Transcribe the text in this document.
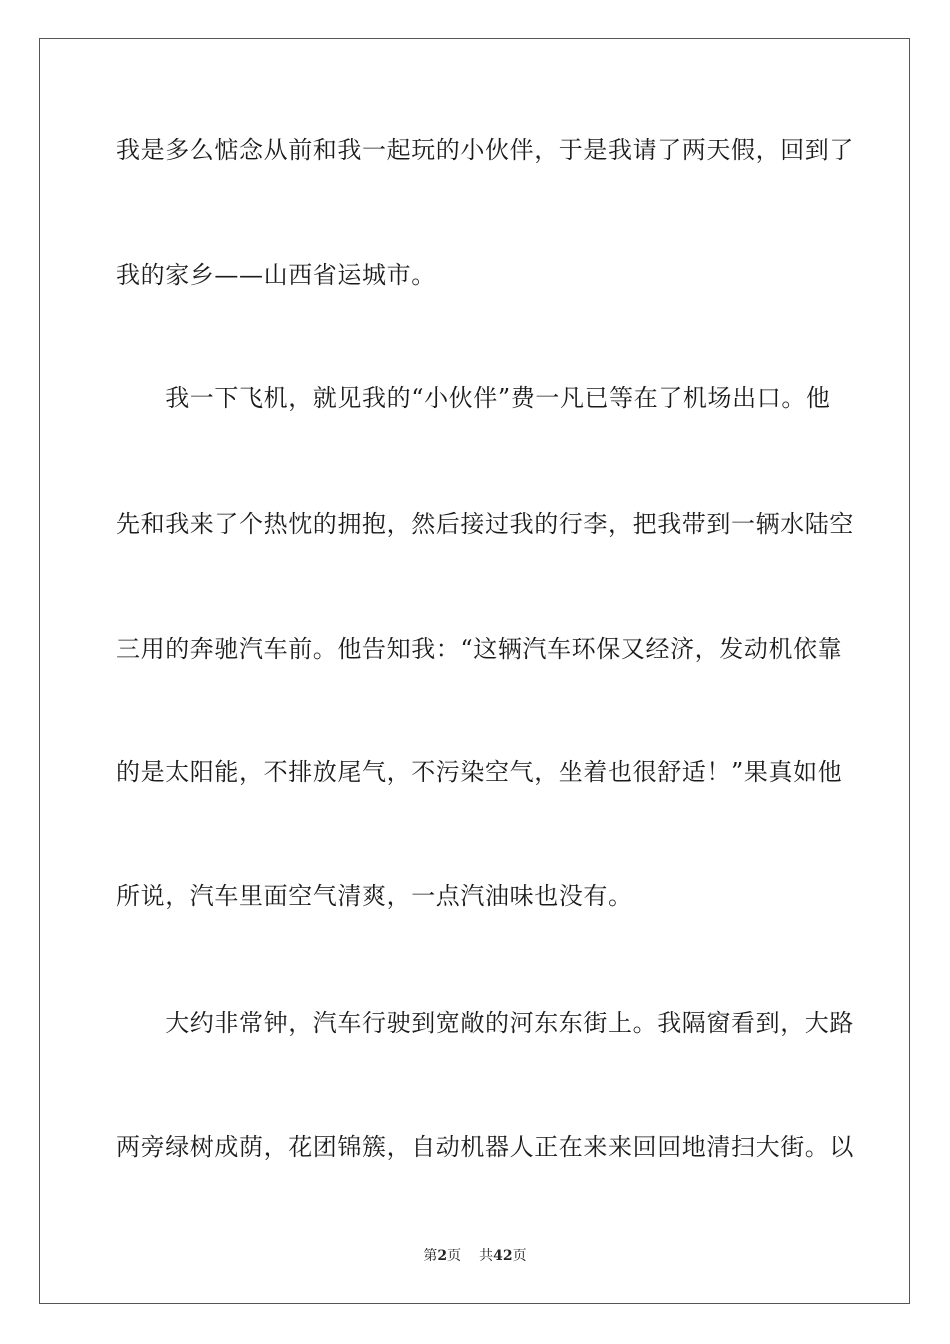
我是多么惦念从前和我一起玩的小伙伴，于是我请了两天假，回到了
我的家乡——山西省运城市。
　　我一下飞机，就见我的“小伙伴”费一凡已等在了机场出口。他
先和我来了个热忱的拥抱，然后接过我的行李，把我带到一辆水陆空
三用的奔驰汽车前。他告知我：“这辆汽车环保又经济，发动机依靠
的是太阳能，不排放尾气，不污染空气，坐着也很舒适！”果真如他
所说，汽车里面空气清爽，一点汽油味也没有。
　　大约非常钟，汽车行驶到宽敞的河东东街上。我隔窗看到，大路
两旁绿树成荫，花团锦簇，自动机器人正在来来回回地清扫大街。以
第2页 共42页
